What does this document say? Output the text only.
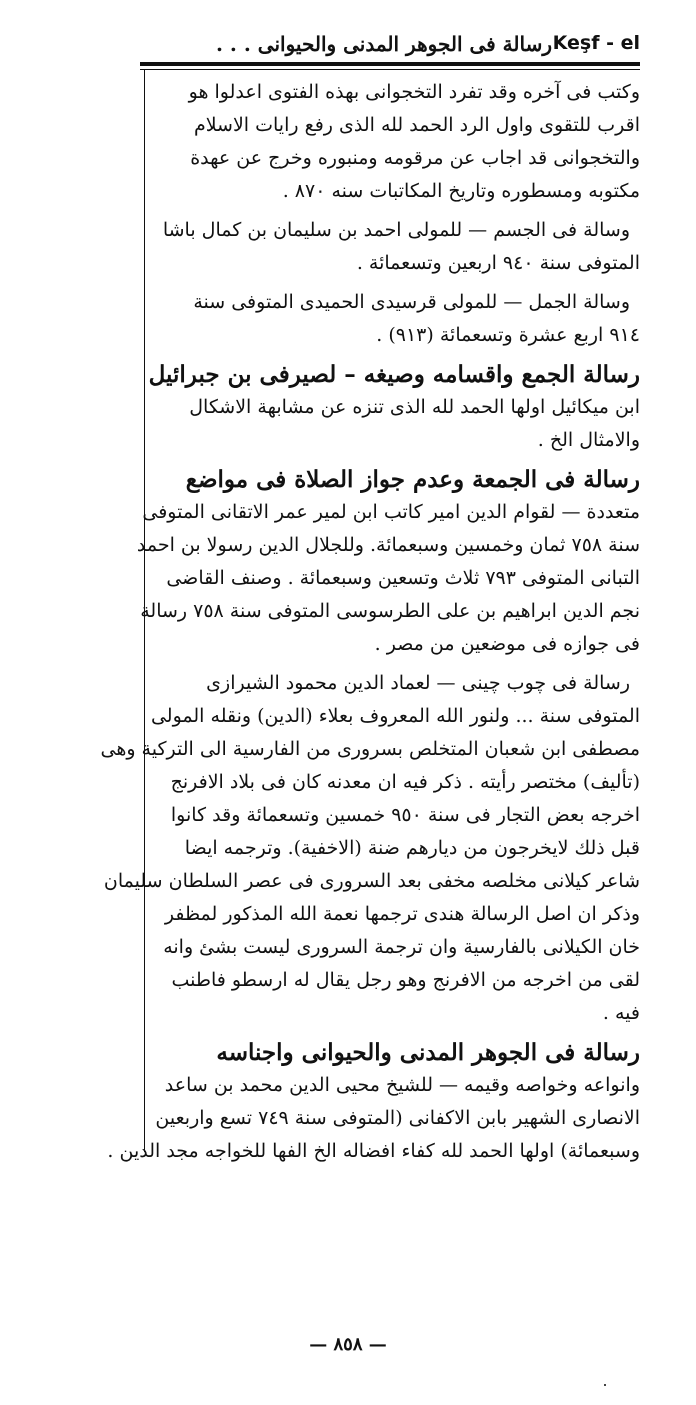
رسالة فى الجوهر المدنى والحيوانى . . . Keşf - el
وكتب فى آخره وقد تفرد التخجوانى بهذه الفتوى اعدلوا هو
اقرب للتقوى واول الرد الحمد لله الذى رفع رايات الاسلام
والتخجوانى قد اجاب عن مرقومه ومنبوره وخرج عن عهدة
مكتوبه ومسطوره وتاريخ المكاتبات سنه ٨٧٠ .
وسالة فى الجسم — للمولى احمد بن سليمان بن كمال باشا
المتوفى سنة ٩٤٠ اربعين وتسعمائة .
وسالة الجمل — للمولى قرسيدى الحميدى المتوفى سنة
٩١٤ اربع عشرة وتسعمائة (٩١٣) .
رسالة الجمع واقسامه وصيغه – لصيرفى بن جبرائيل
ابن ميكائيل اولها الحمد لله الذى تنزه عن مشابهة الاشكال
والامثال الخ .
رسالة فى الجمعة وعدم جواز الصلاة فى مواضع
متعددة — لقوام الدين امير كاتب ابن لمير عمر الاتقانى المتوفى
سنة ٧٥٨ ثمان وخمسين وسبعمائة. وللجلال الدين رسولا بن احمد
التبانى المتوفى ٧٩٣ ثلاث وتسعين وسبعمائة . وصنف القاضى
نجم الدين ابراهيم بن على الطرسوسى المتوفى سنة ٧٥٨ رسالة
فى جوازه فى موضعين من مصر .
رسالة فى چوب چینی — لعماد الدين محمود الشيرازى
المتوفى سنة ... ولنور الله المعروف بعلاء (الدين) ونقله المولى
مصطفى ابن شعبان المتخلص بسرورى من الفارسية الى التركية وهى
(تأليف) مختصر رأيته . ذكر فيه ان معدنه كان فى بلاد الافرنج
اخرجه بعض التجار فى سنة ٩٥٠ خمسين وتسعمائة وقد كانوا
قبل ذلك لايخرجون من ديارهم ضنة (الاخفية). وترجمه ايضا
شاعر كيلانى مخلصه مخفى بعد السرورى فى عصر السلطان سليمان
وذكر ان اصل الرسالة هندى ترجمها نعمة الله المذكور لمظفر
خان الكيلانى بالفارسية وان ترجمة السرورى ليست بشئ وانه
لقى من اخرجه من الافرنج وهو رجل يقال له ارسطو فاطنب
فيه .
رسالة فى الجوهر المدنى والحيوانى واجناسه
وانواعه وخواصه وقيمه — للشيخ محيى الدين محمد بن ساعد
الانصارى الشهير بابن الاكفانى (المتوفى سنة ٧٤٩ تسع واربعين
وسبعمائة) اولها الحمد لله كفاء افضاله الخ الفها للخواجه مجد الدين .
— ٨٥٨ —
